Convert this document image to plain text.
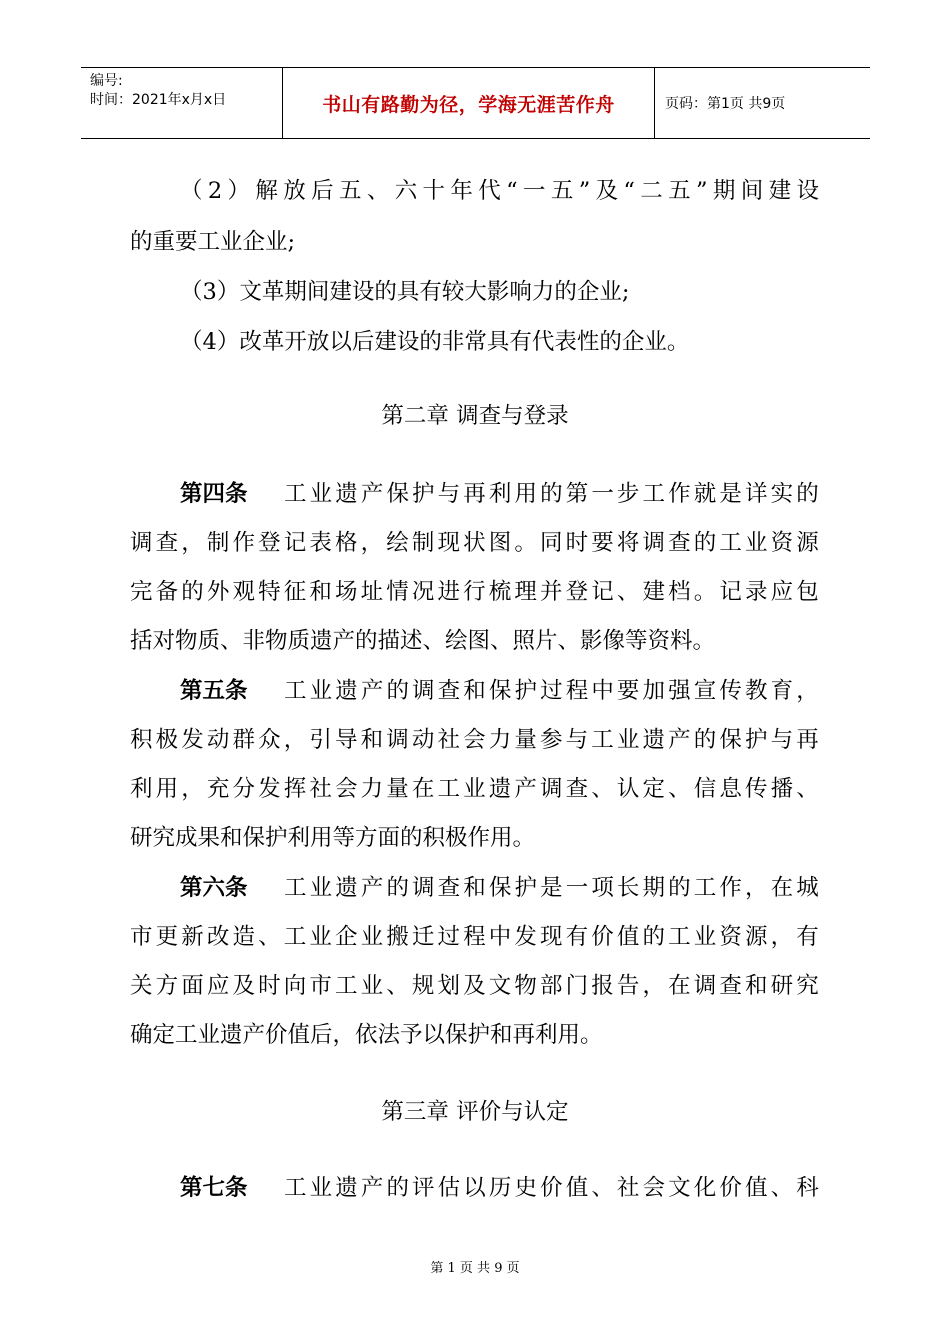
编号:
时间：2021年x月x日	书山有路勤为径，学海无涯苦作舟	页码：第1页 共9页
（ 2 ） 解 放 后 五 、 六 十 年 代 “ 一 五 ” 及 “ 二 五 ” 期 间 建 设
的重要工业企业;
（3）文革期间建设的具有较大影响力的企业;
（4）改革开放以后建设的非常具有代表性的企业。
第二章 调查与登录
第四条 工 业 遗 产 保 护 与 再 利 用 的 第 一 步 工 作 就 是 详 实 的
调 查 ， 制 作 登 记 表 格 ， 绘 制 现 状 图 。 同 时 要 将 调 查 的 工 业 资 源
完 备 的 外 观 特 征 和 场 址 情 况 进 行 梳 理 并 登 记 、 建 档 。 记 录 应 包
括对物质、非物质遗产的描述、绘图、照片、影像等资料。
第五条 工 业 遗 产 的 调 查 和 保 护 过 程 中 要 加 强 宣 传 教 育 ，
积 极 发 动 群 众 ， 引 导 和 调 动 社 会 力 量 参 与 工 业 遗 产 的 保 护 与 再
利 用 ， 充 分 发 挥 社 会 力 量 在 工 业 遗 产 调 查 、 认 定 、 信 息 传 播 、
研究成果和保护利用等方面的积极作用。
第六条 工 业 遗 产 的 调 查 和 保 护 是 一 项 长 期 的 工 作 ， 在 城
市 更 新 改 造 、 工 业 企 业 搬 迁 过 程 中 发 现 有 价 值 的 工 业 资 源 ， 有
关 方 面 应 及 时 向 市 工 业 、 规 划 及 文 物 部 门 报 告 ， 在 调 查 和 研 究
确定工业遗产价值后，依法予以保护和再利用。
第三章 评价与认定
第七条 工 业 遗 产 的 评 估 以 历 史 价 值 、 社 会 文 化 价 值 、 科
第 1 页 共 9 页
